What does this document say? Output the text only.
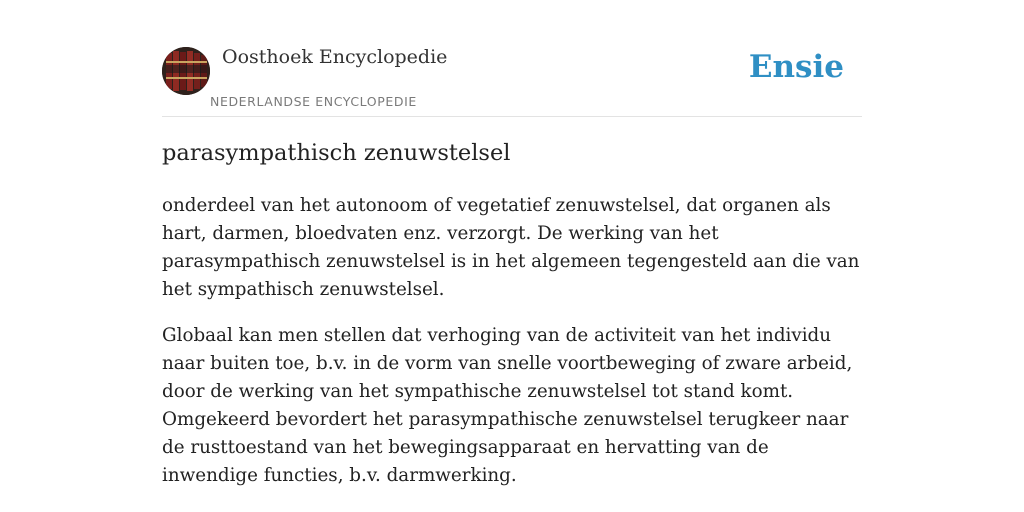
Oosthoek Encyclopedie
NEDERLANDSE ENCYCLOPEDIE
Ensie
parasympathisch zenuwstelsel

onderdeel van het autonoom of vegetatief zenuwstelsel, dat organen als hart, darmen, bloedvaten enz. verzorgt. De werking van het parasympathisch zenuwstelsel is in het algemeen tegengesteld aan die van het sympathisch zenuwstelsel.

Globaal kan men stellen dat verhoging van de activiteit van het individu naar buiten toe, b.v. in de vorm van snelle voortbeweging of zware arbeid, door de werking van het sympathische zenuwstelsel tot stand komt. Omgekeerd bevordert het parasympathische zenuwstelsel terugkeer naar de rusttoestand van het bewegingsapparaat en hervatting van de inwendige functies, b.v. darmwerking.
